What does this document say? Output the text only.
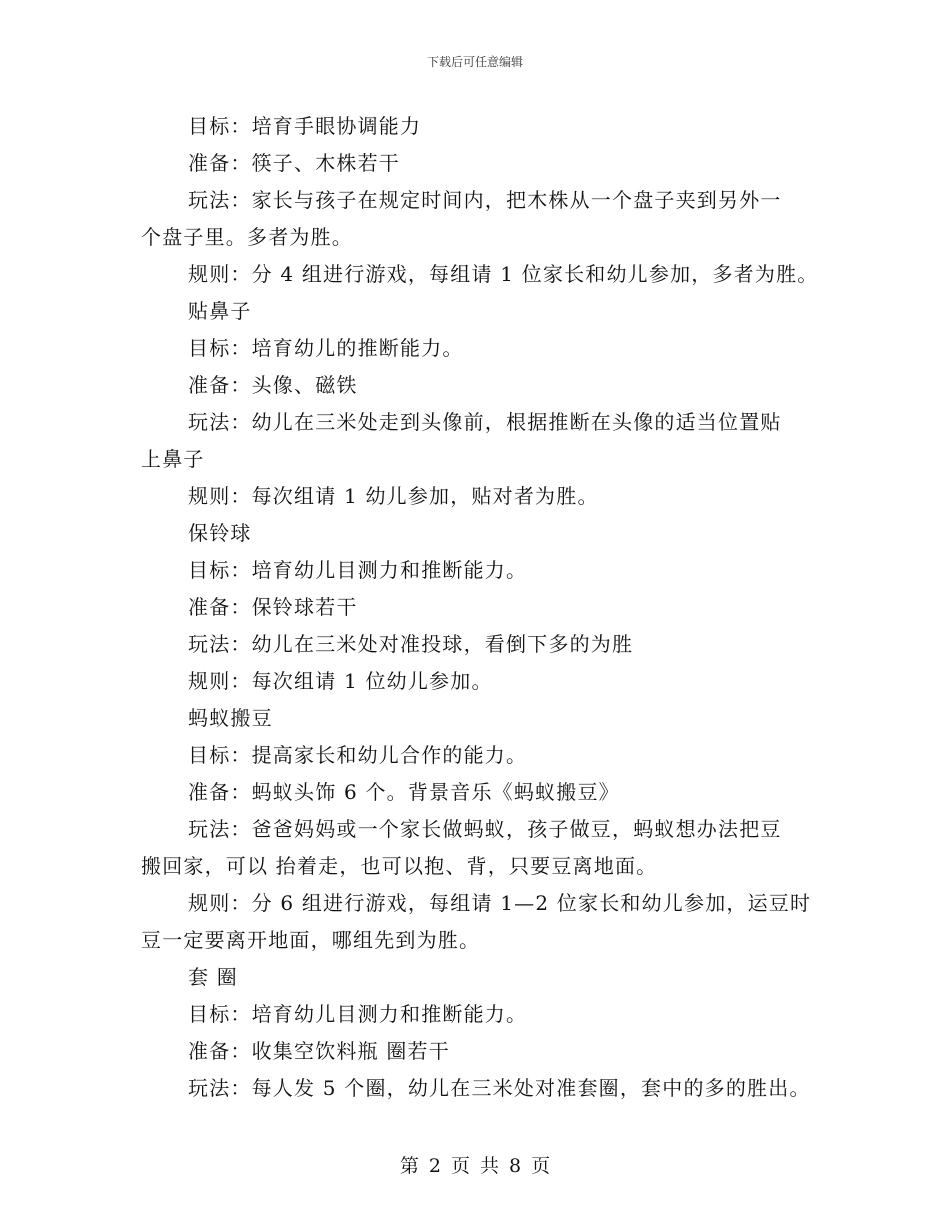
下载后可任意编辑
目标：培育手眼协调能力
准备：筷子、木株若干
玩法：家长与孩子在规定时间内，把木株从一个盘子夹到另外一
个盘子里。多者为胜。
规则：分 4 组进行游戏，每组请 1 位家长和幼儿参加，多者为胜。
贴鼻子
目标：培育幼儿的推断能力。
准备：头像、磁铁
玩法：幼儿在三米处走到头像前，根据推断在头像的适当位置贴
上鼻子
规则：每次组请 1 幼儿参加，贴对者为胜。
保铃球
目标：培育幼儿目测力和推断能力。
准备：保铃球若干
玩法：幼儿在三米处对准投球，看倒下多的为胜
规则：每次组请 1 位幼儿参加。
蚂蚁搬豆
目标：提高家长和幼儿合作的能力。
准备：蚂蚁头饰 6 个。背景音乐《蚂蚁搬豆》
玩法：爸爸妈妈或一个家长做蚂蚁，孩子做豆，蚂蚁想办法把豆
搬回家，可以 抬着走，也可以抱、背，只要豆离地面。
规则：分 6 组进行游戏，每组请 1—2 位家长和幼儿参加，运豆时
豆一定要离开地面，哪组先到为胜。
套 圈
目标：培育幼儿目测力和推断能力。
准备：收集空饮料瓶 圈若干
玩法：每人发 5 个圈，幼儿在三米处对准套圈，套中的多的胜出。
第 2 页 共 8 页
